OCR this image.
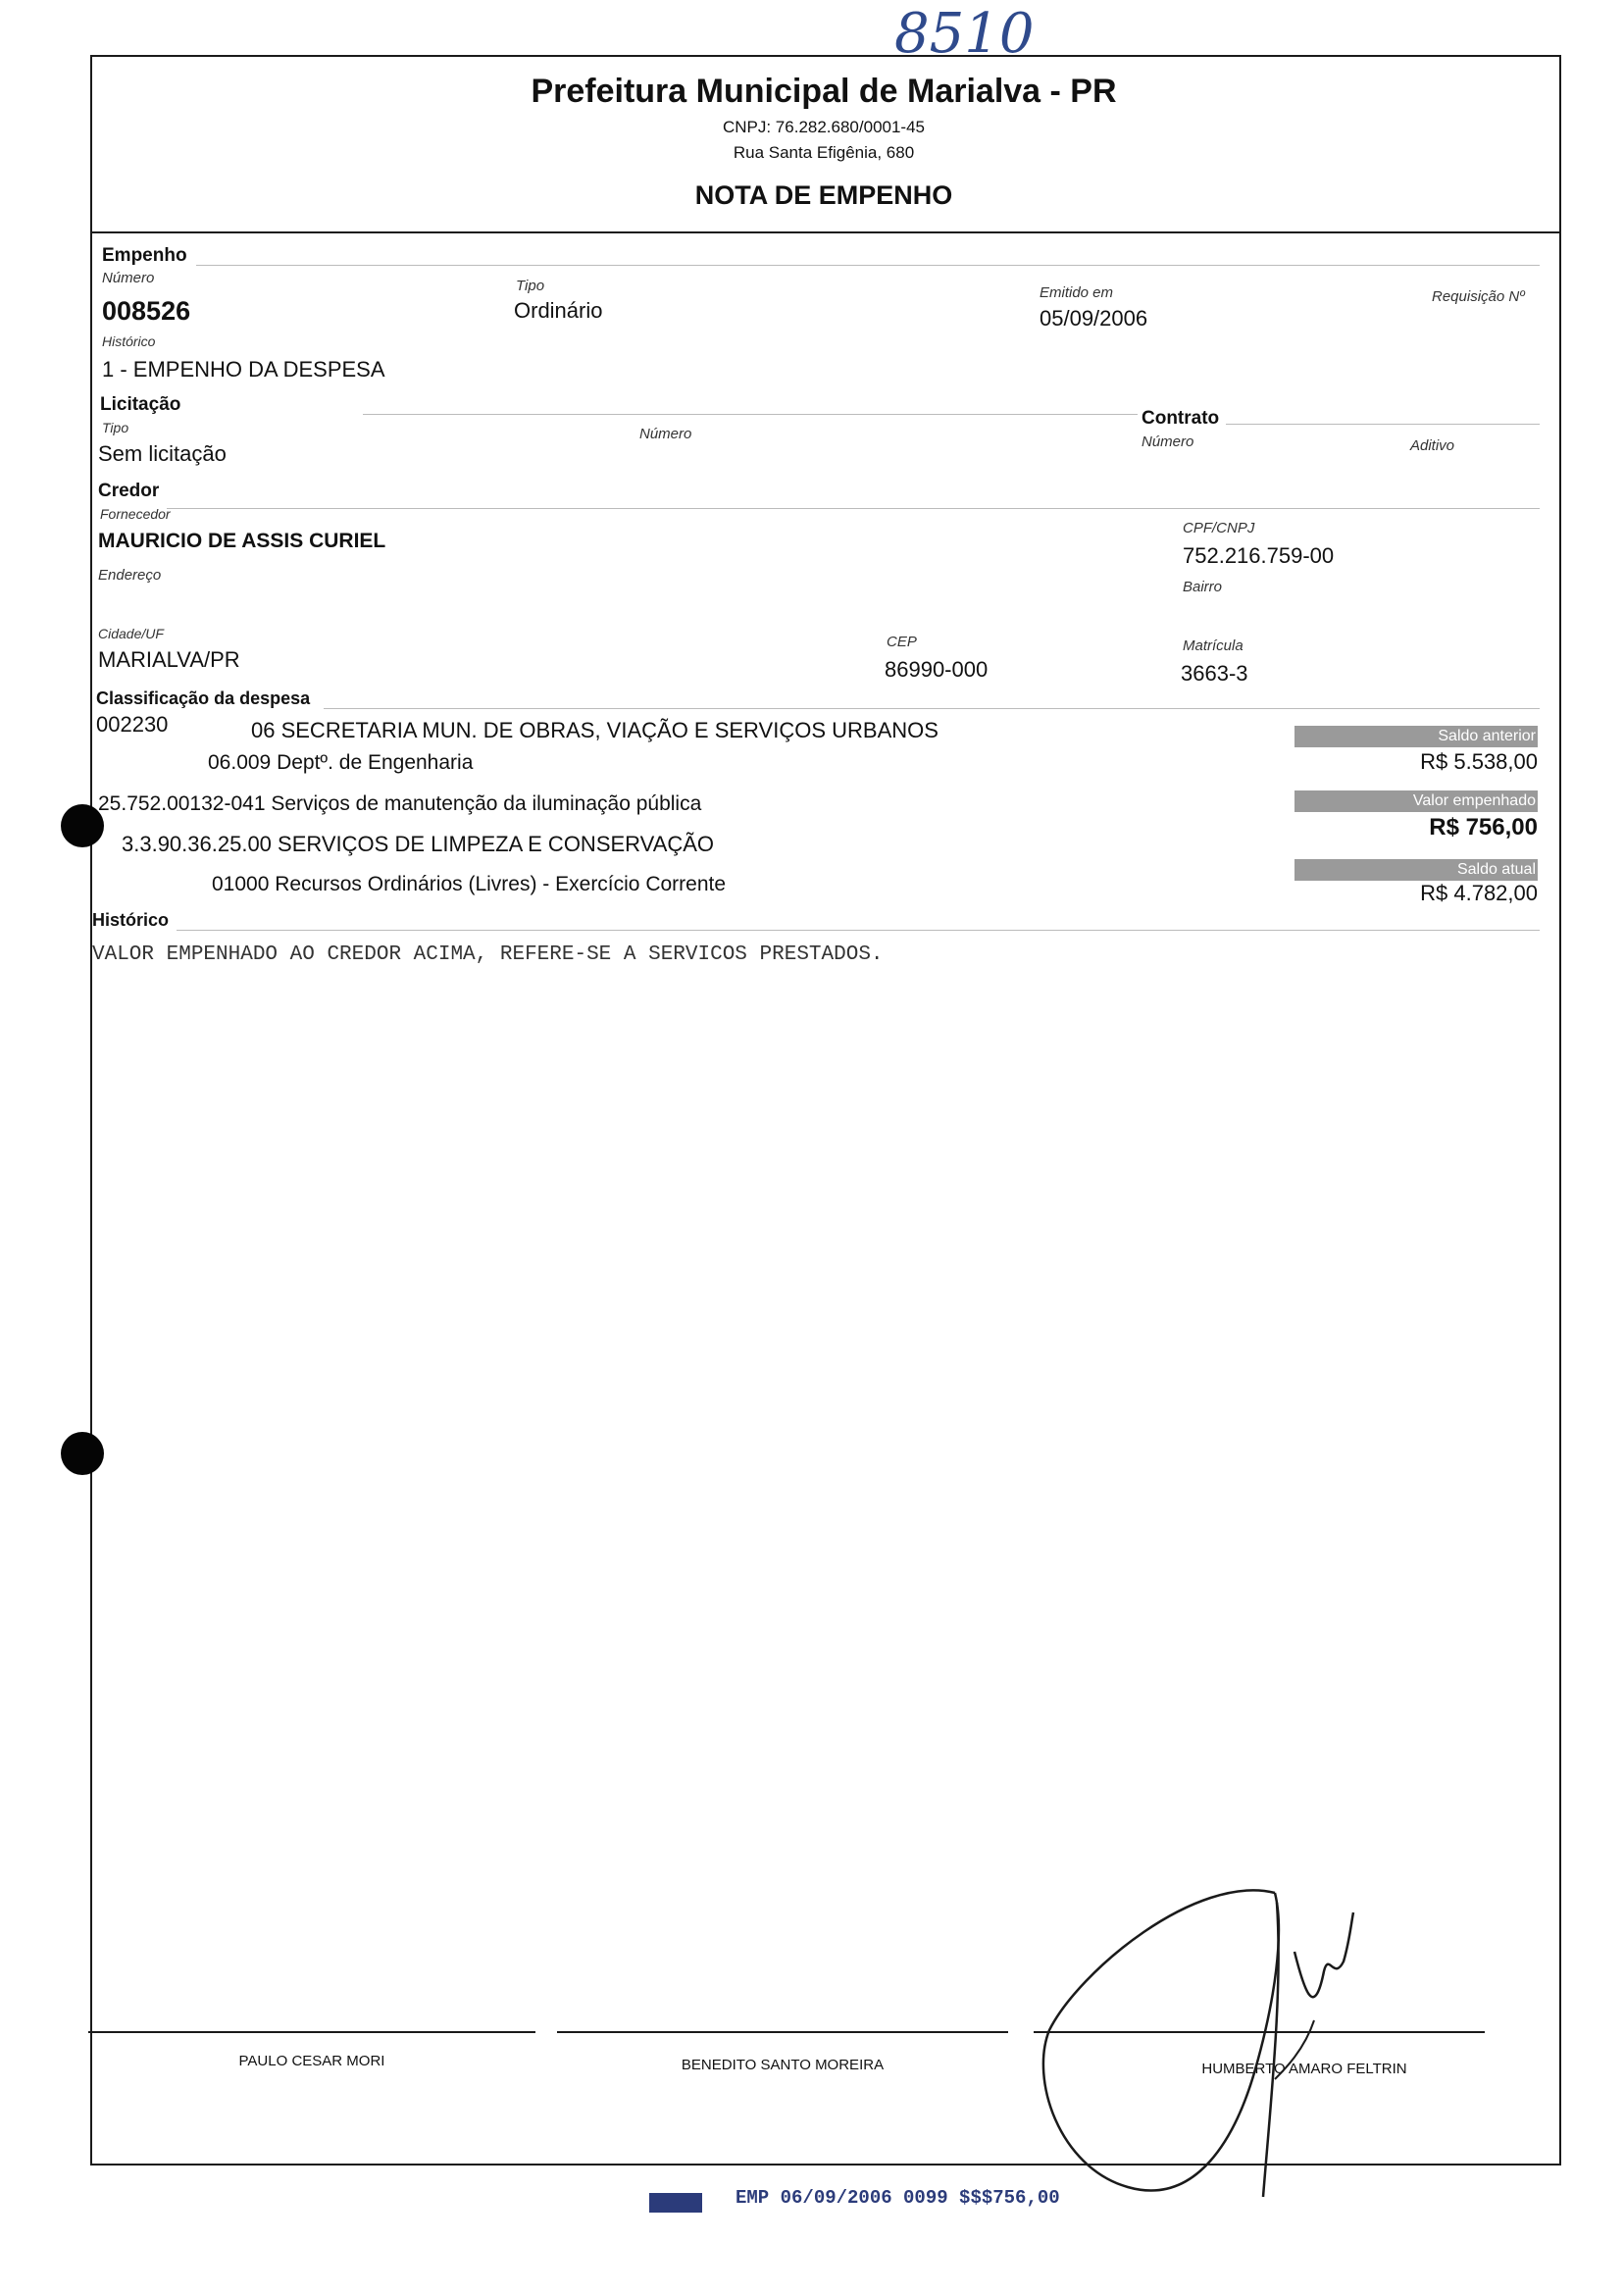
8510
Prefeitura Municipal de Marialva - PR
CNPJ: 76.282.680/0001-45
Rua Santa Efigênia, 680
NOTA DE EMPENHO
Empenho
Número
008526
Tipo
Ordinário
Emitido em
05/09/2006
Requisição Nº
Histórico
1 - EMPENHO DA DESPESA
Licitação
Tipo
Sem licitação
Número
Contrato
Número	Aditivo
Credor
Fornecedor
MAURICIO DE ASSIS CURIEL
CPF/CNPJ
752.216.759-00
Endereço
Bairro
Cidade/UF
MARIALVA/PR
CEP
86990-000
Matrícula
3663-3
Classificação da despesa
002230	06 SECRETARIA MUN. DE OBRAS, VIAÇÃO E SERVIÇOS URBANOS
06.009 Deptº. de Engenharia
25.752.00132-041 Serviços de manutenção da iluminação pública
3.3.90.36.25.00 SERVIÇOS DE LIMPEZA E CONSERVAÇÃO
01000 Recursos Ordinários (Livres) - Exercício Corrente
Saldo anterior
R$ 5.538,00
Valor empenhado
R$ 756,00
Saldo atual
R$ 4.782,00
Histórico
VALOR EMPENHADO AO CREDOR ACIMA, REFERE-SE A SERVICOS PRESTADOS.
PAULO CESAR MORI	BENEDITO SANTO MOREIRA	HUMBERTO AMARO FELTRIN
EMP 06/09/2006 0099 $$$756,00
